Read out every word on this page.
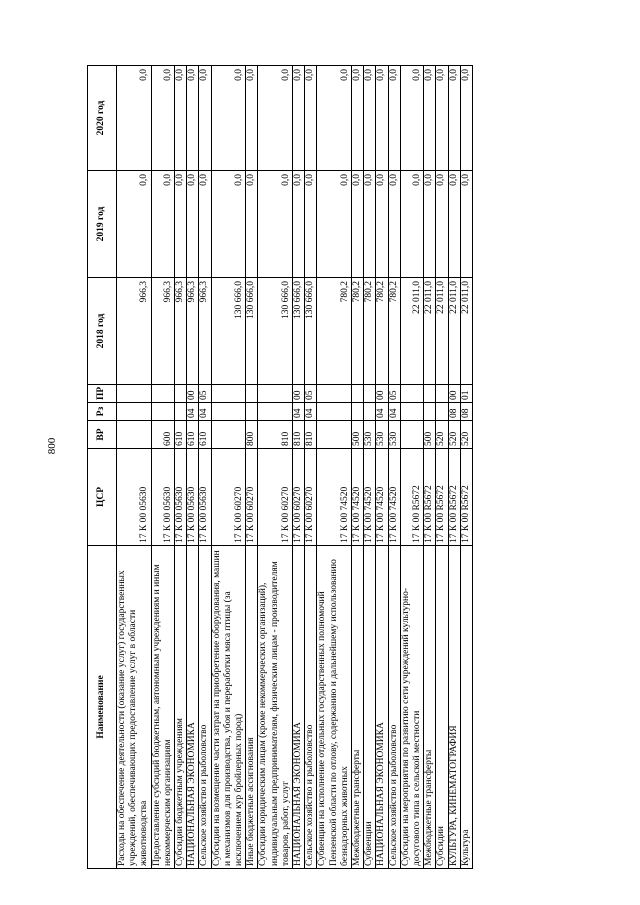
800
Наименование	ЦСР	ВР	Рз	ПР	2018 год	2019 год	2020 год
Расходы на обеспечение деятельности (оказание услуг) государственных учреждений, обеспечивающих предоставление услуг в области животноводства	17 К 00 05630				966,3	0,0	0,0
Предоставление субсидий бюджетным, автономным учреждениям и иным некоммерческим организациям	17 К 00 05630	600			966,3	0,0	0,0
Субсидии бюджетным учреждениям	17 К 00 05630	610			966,3	0,0	0,0
НАЦИОНАЛЬНАЯ ЭКОНОМИКА	17 К 00 05630	610	04	00	966,3	0,0	0,0
Сельское хозяйство и рыболовство	17 К 00 05630	610	04	05	966,3	0,0	0,0
Субсидии на возмещение части затрат на приобретение оборудования, машин и механизмов для производства, убоя и переработки мяса птицы (за исключением кур бройлерных пород)	17 К 00 60270				130 666,0	0,0	0,0
Иные бюджетные ассигнования	17 К 00 60270	800			130 666,0	0,0	0,0
Субсидии юридическим лицам (кроме некоммерческих организаций), индивидуальным предпринимателям, физическим лицам - производителям товаров, работ, услуг	17 К 00 60270	810			130 666,0	0,0	0,0
НАЦИОНАЛЬНАЯ ЭКОНОМИКА	17 К 00 60270	810	04	00	130 666,0	0,0	0,0
Сельское хозяйство и рыболовство	17 К 00 60270	810	04	05	130 666,0	0,0	0,0
Субвенции на исполнение отдельных государственных полномочий Пензенской области по отлову, содержанию и дальнейшему использованию безнадзорных животных	17 К 00 74520				780,2	0,0	0,0
Межбюджетные трансферты	17 К 00 74520	500			780,2	0,0	0,0
Субвенции	17 К 00 74520	530			780,2	0,0	0,0
НАЦИОНАЛЬНАЯ ЭКОНОМИКА	17 К 00 74520	530	04	00	780,2	0,0	0,0
Сельское хозяйство и рыболовство	17 К 00 74520	530	04	05	780,2	0,0	0,0
Субсидии на мероприятия по развитию сети учреждений культурно-досугового типа в сельской местности	17 К 00 R5672				22 011,0	0,0	0,0
Межбюджетные трансферты	17 К 00 R5672	500			22 011,0	0,0	0,0
Субсидии	17 К 00 R5672	520			22 011,0	0,0	0,0
КУЛЬТУРА, КИНЕМАТОГРАФИЯ	17 К 00 R5672	520	08	00	22 011,0	0,0	0,0
Культура	17 К 00 R5672	520	08	01	22 011,0	0,0	0,0
